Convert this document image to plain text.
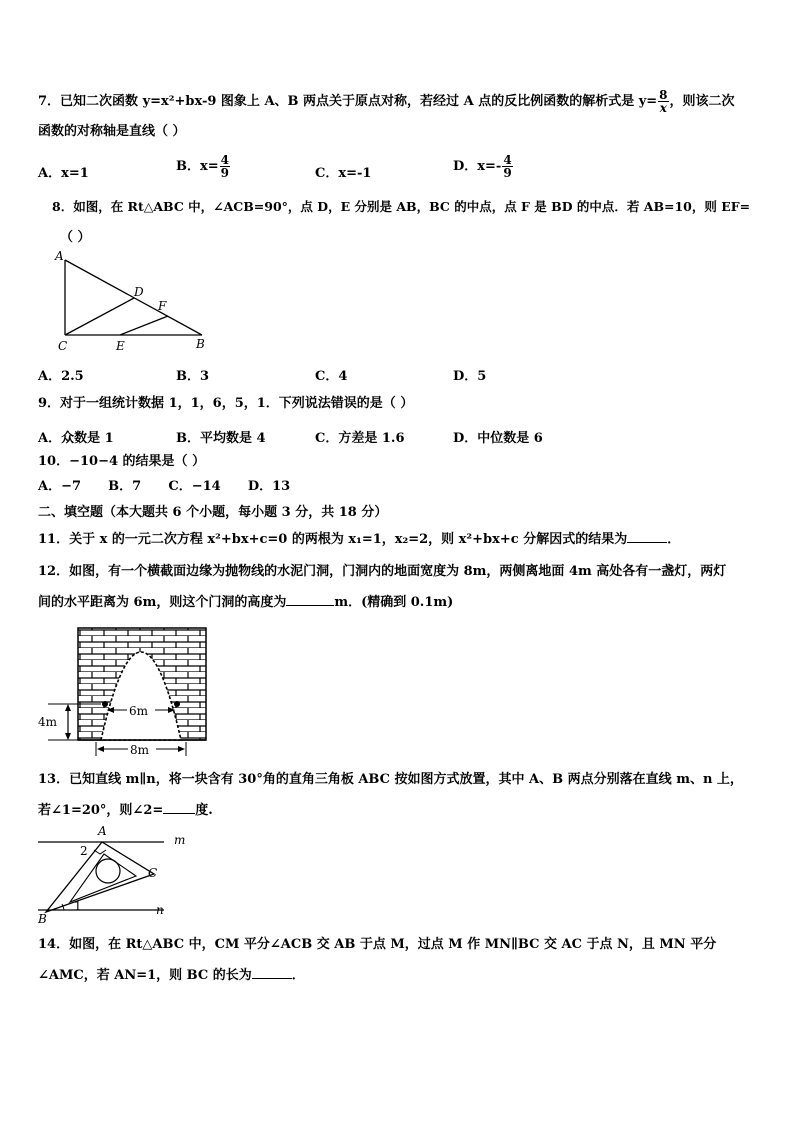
7．已知二次函数 y=x²+bx-9 图象上 A、B 两点关于原点对称，若经过 A 点的反比例函数的解析式是 $y= \frac{8}{x}$ ，则该二次
函数的对称轴是直线（ ）
A．x=1	B．$x= \frac{4}{9}$	C．x=-1	D．$x=- \frac{4}{9}$
8．如图，在 Rt△ABC 中，∠ACB=90°，点 D，E 分别是 AB，BC 的中点，点 F 是 BD 的中点．若 AB=10，则 EF=
（ ）
A
D
F
C	E	B
A．2.5	B．3	C．4	D．5
9．对于一组统计数据 1，1，6，5，1．下列说法错误的是（ ）
A．众数是 1	B．平均数是 4	C．方差是 1.6	D．中位数是 6
10．−10−4 的结果是（ ）
A．−7      B．7      C．−14      D．13
二、填空题（本大题共 6 个小题，每小题 3 分，共 18 分）
11．关于 x 的一元二次方程 x²+bx+c=0 的两根为 x₁=1，x₂=2，则 x²+bx+c 分解因式的结果为	．
12．如图，有一个横截面边缘为抛物线的水泥门洞，门洞内的地面宽度为 8m，两侧离地面 4m 高处各有一盏灯，两灯
间的水平距离为 6m，则这个门洞的高度为	m．(精确到 0.1m)
4m
6m
8m
13．已知直线 m∥n，将一块含有 30°角的直角三角板 ABC 按如图方式放置，其中 A、B 两点分别落在直线 m、n 上，
若∠1=20°，则∠2= 度.
A
m
2
C
1
B
n
14．如图，在 Rt△ABC 中，CM 平分∠ACB 交 AB 于点 M，过点 M 作 MN∥BC 交 AC 于点 N，且 MN 平分
∠AMC，若 AN=1，则 BC 的长为	．
